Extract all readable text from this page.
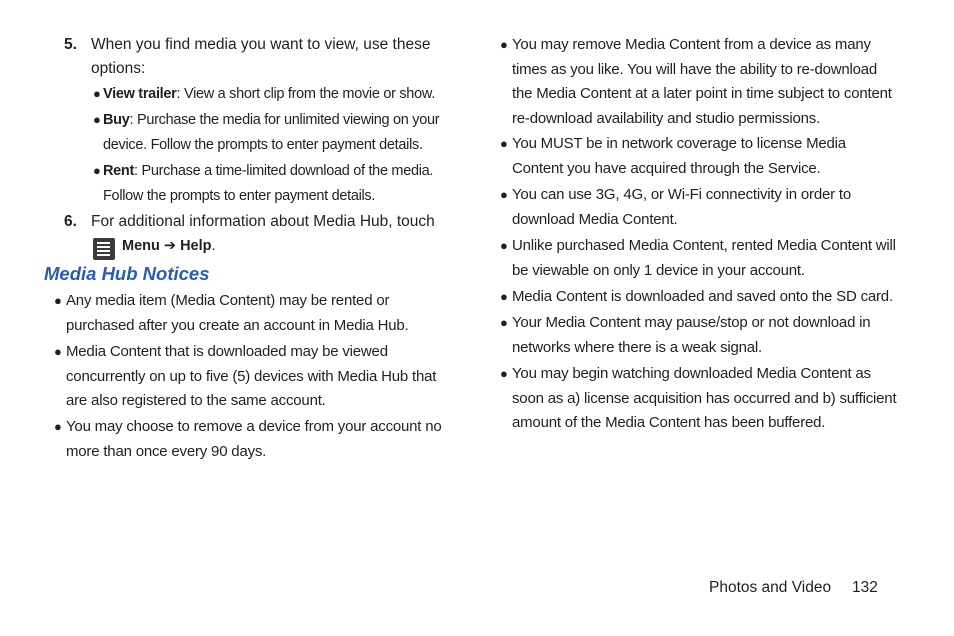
5. When you find media you want to view, use these options:
● View trailer: View a short clip from the movie or show.
● Buy: Purchase the media for unlimited viewing on your device. Follow the prompts to enter payment details.
● Rent: Purchase a time-limited download of the media. Follow the prompts to enter payment details.
6. For additional information about Media Hub, touch
Menu ➔ Help.
Media Hub Notices
● Any media item (Media Content) may be rented or purchased after you create an account in Media Hub.
● Media Content that is downloaded may be viewed concurrently on up to five (5) devices with Media Hub that are also registered to the same account.
● You may choose to remove a device from your account no more than once every 90 days.
● You may remove Media Content from a device as many times as you like. You will have the ability to re-download the Media Content at a later point in time subject to content re-download availability and studio permissions.
● You MUST be in network coverage to license Media Content you have acquired through the Service.
● You can use 3G, 4G, or Wi-Fi connectivity in order to download Media Content.
● Unlike purchased Media Content, rented Media Content will be viewable on only 1 device in your account.
● Media Content is downloaded and saved onto the SD card.
● Your Media Content may pause/stop or not download in networks where there is a weak signal.
● You may begin watching downloaded Media Content as soon as a) license acquisition has occurred and b) sufficient amount of the Media Content has been buffered.
Photos and Video 132
